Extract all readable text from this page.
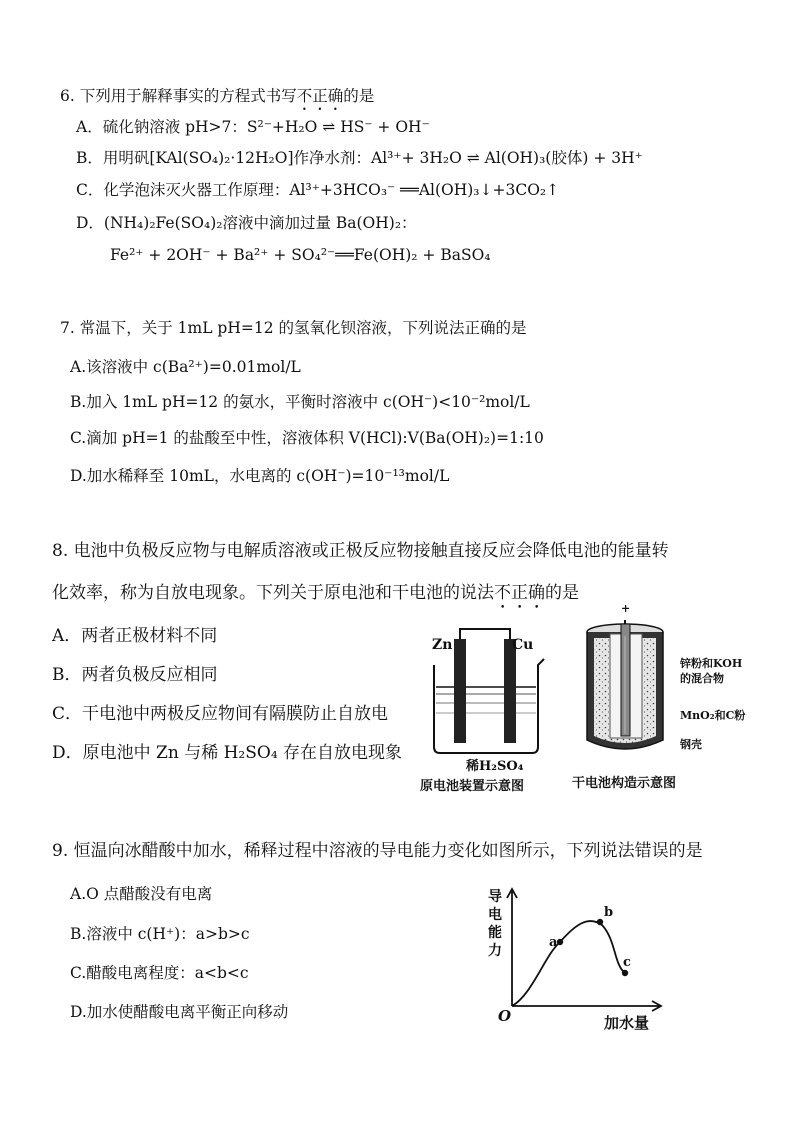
6. 下列用于解释事实的方程式书写不正确的是
A．硫化钠溶液 pH>7：S²⁻+H₂O ⇌ HS⁻ + OH⁻
B．用明矾[KAl(SO₄)₂·12H₂O]作净水剂：Al³⁺+ 3H₂O ⇌ Al(OH)₃(胶体) + 3H⁺
C．化学泡沫灭火器工作原理：Al³⁺+3HCO₃⁻ ══Al(OH)₃↓+3CO₂↑
D．(NH₄)₂Fe(SO₄)₂溶液中滴加过量 Ba(OH)₂：
Fe²⁺ + 2OH⁻ + Ba²⁺ + SO₄²⁻══Fe(OH)₂ + BaSO₄
7. 常温下，关于 1mL pH=12 的氢氧化钡溶液，下列说法正确的是
A.该溶液中 c(Ba²⁺)=0.01mol/L
B.加入 1mL pH=12 的氨水，平衡时溶液中 c(OH⁻)<10⁻²mol/L
C.滴加 pH=1 的盐酸至中性，溶液体积 V(HCl):V(Ba(OH)₂)=1:10
D.加水稀释至 10mL，水电离的 c(OH⁻)=10⁻¹³mol/L
8. 电池中负极反应物与电解质溶液或正极反应物接触直接反应会降低电池的能量转
化效率，称为自放电现象。下列关于原电池和干电池的说法不正确的是
A．两者正极材料不同
B．两者负极反应相同
C．干电池中两极反应物间有隔膜防止自放电
D．原电池中 Zn 与稀 H₂SO₄ 存在自放电现象
Zn	Cu
稀H₂SO₄
原电池装置示意图
+
锌粉和KOH
的混合物
MnO₂和C粉
钢壳
干电池构造示意图
9. 恒温向冰醋酸中加水，稀释过程中溶液的导电能力变化如图所示，下列说法错误的是
A.O 点醋酸没有电离
B.溶液中 c(H⁺)：a>b>c
C.醋酸电离程度：a<b<c
D.加水使醋酸电离平衡正向移动
导
电
能
力
O	加水量
a
b
c
